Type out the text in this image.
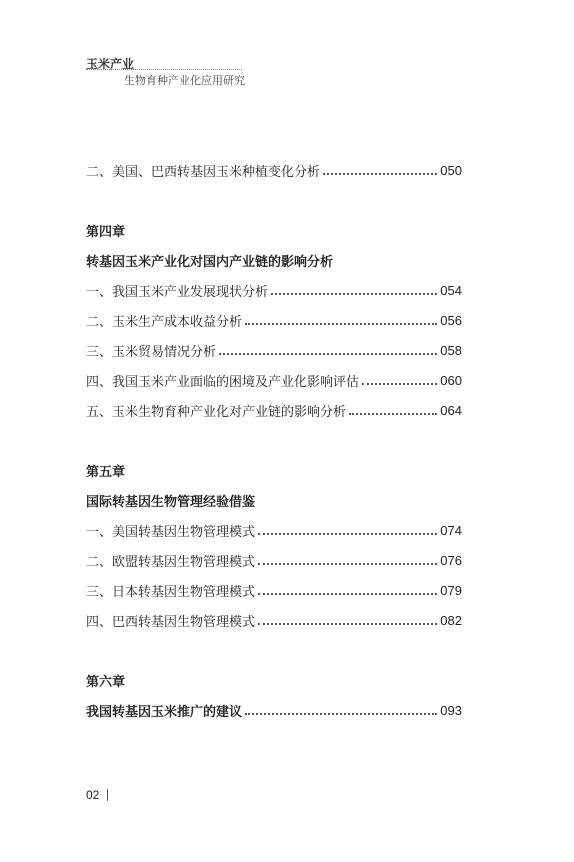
玉米产业
生物育种产业化应用研究
二、美国、巴西转基因玉米种植变化分析	050
第四章
转基因玉米产业化对国内产业链的影响分析
一、我国玉米产业发展现状分析	054
二、玉米生产成本收益分析	056
三、玉米贸易情况分析	058
四、我国玉米产业面临的困境及产业化影响评估	060
五、玉米生物育种产业化对产业链的影响分析	064
第五章
国际转基因生物管理经验借鉴
一、美国转基因生物管理模式	074
二、欧盟转基因生物管理模式	076
三、日本转基因生物管理模式	079
四、巴西转基因生物管理模式	082
第六章
我国转基因玉米推广的建议	093
02
